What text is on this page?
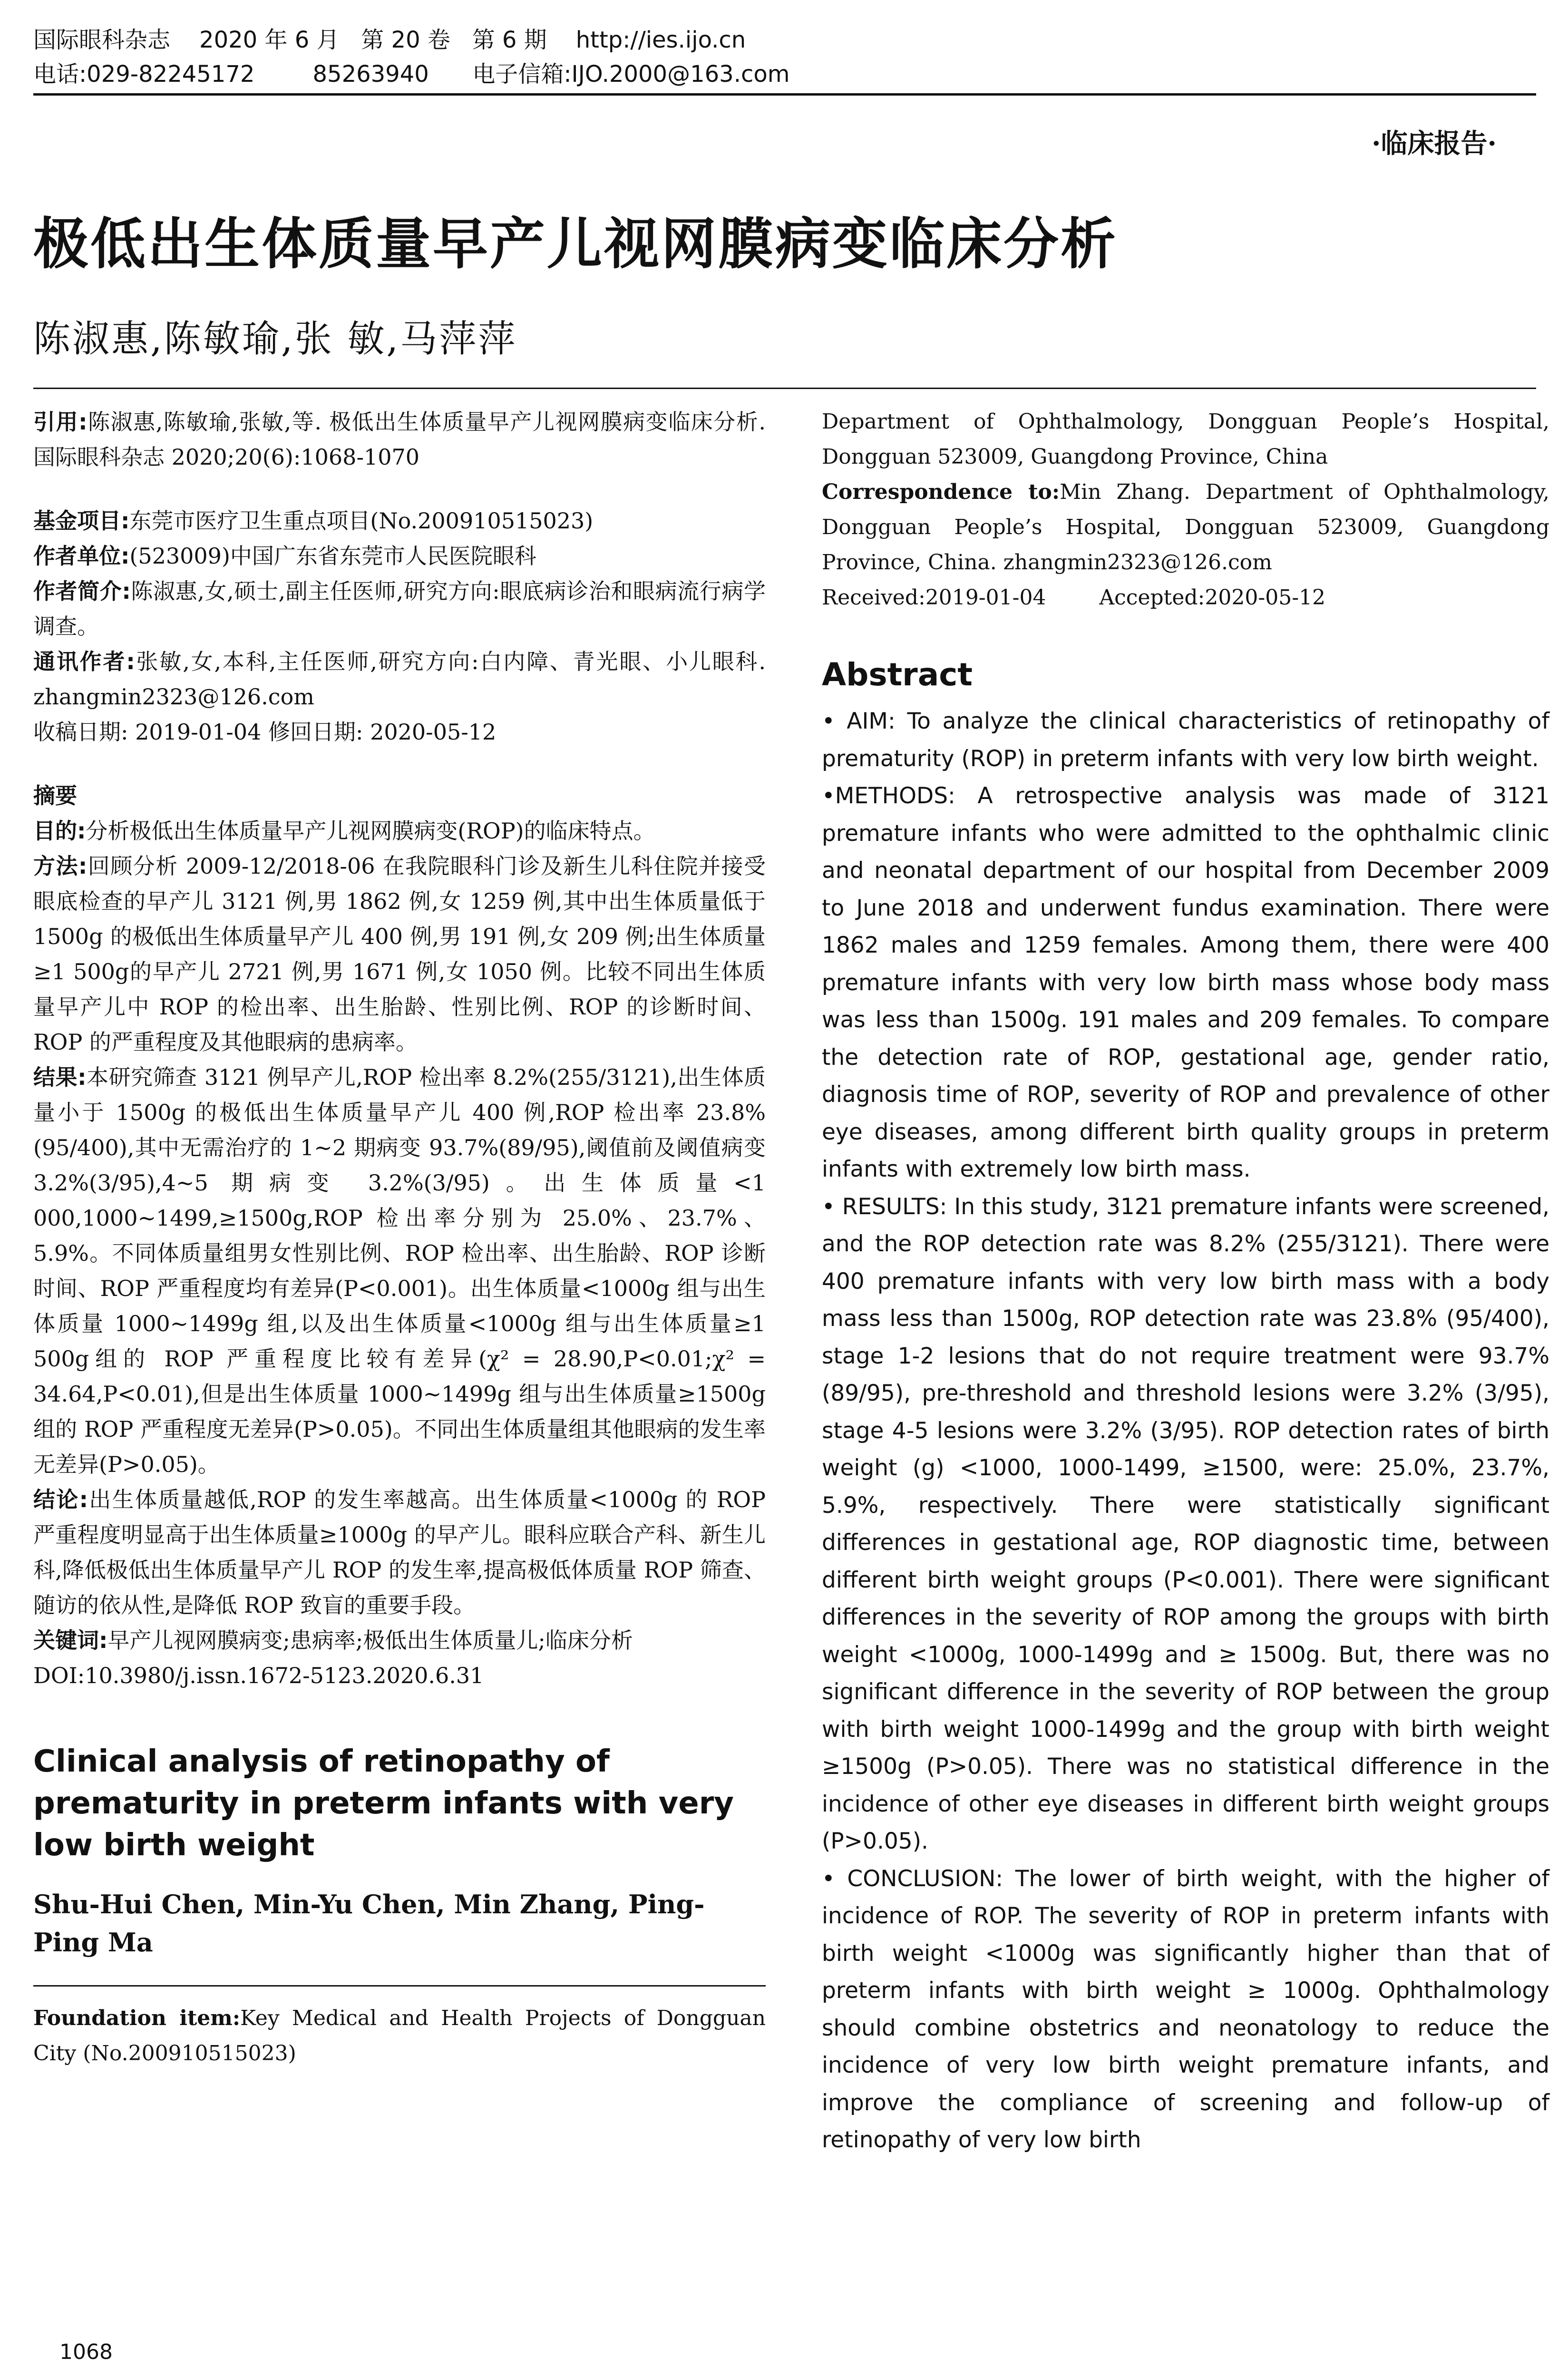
国际眼科杂志    2020 年 6 月   第 20 卷   第 6 期    http://ies.ijo.cn
电话:029-82245172        85263940      电子信箱:IJO.2000@163.com
·临床报告·
极低出生体质量早产儿视网膜病变临床分析
陈淑惠,陈敏瑜,张 敏,马萍萍

引用:陈淑惠,陈敏瑜,张敏,等. 极低出生体质量早产儿视网膜病变临床分析. 国际眼科杂志 2020;20(6):1068-1070

基金项目:东莞市医疗卫生重点项目(No.200910515023)

作者单位:(523009)中国广东省东莞市人民医院眼科

作者简介:陈淑惠,女,硕士,副主任医师,研究方向:眼底病诊治和眼病流行病学调查。

通讯作者:张敏,女,本科,主任医师,研究方向:白内障、青光眼、小儿眼科. zhangmin2323@126.com

收稿日期: 2019-01-04 修回日期: 2020-05-12

摘要

目的:分析极低出生体质量早产儿视网膜病变(ROP)的临床特点。

方法:回顾分析 2009-12/2018-06 在我院眼科门诊及新生儿科住院并接受眼底检查的早产儿 3121 例,男 1862 例,女 1259 例,其中出生体质量低于 1500g 的极低出生体质量早产儿 400 例,男 191 例,女 209 例;出生体质量≥1 500g的早产儿 2721 例,男 1671 例,女 1050 例。比较不同出生体质量早产儿中 ROP 的检出率、出生胎龄、性别比例、ROP 的诊断时间、ROP 的严重程度及其他眼病的患病率。

结果:本研究筛查 3121 例早产儿,ROP 检出率 8.2%(255/3121),出生体质量小于 1500g 的极低出生体质量早产儿 400 例,ROP 检出率 23.8%(95/400),其中无需治疗的 1~2 期病变 93.7%(89/95),阈值前及阈值病变 3.2%(3/95),4~5 期病变 3.2%(3/95)。出生体质量<1 000,1000~1499,≥1500g,ROP 检出率分别为 25.0%、23.7%、5.9%。不同体质量组男女性别比例、ROP 检出率、出生胎龄、ROP 诊断时间、ROP 严重程度均有差异(P<0.001)。出生体质量<1000g 组与出生体质量 1000~1499g 组,以及出生体质量<1000g 组与出生体质量≥1 500g组的 ROP 严重程度比较有差异(χ² = 28.90,P<0.01;χ² = 34.64,P<0.01),但是出生体质量 1000~1499g 组与出生体质量≥1500g 组的 ROP 严重程度无差异(P>0.05)。不同出生体质量组其他眼病的发生率无差异(P>0.05)。

结论:出生体质量越低,ROP 的发生率越高。出生体质量<1000g 的 ROP 严重程度明显高于出生体质量≥1000g 的早产儿。眼科应联合产科、新生儿科,降低极低出生体质量早产儿 ROP 的发生率,提高极低体质量 ROP 筛查、随访的依从性,是降低 ROP 致盲的重要手段。

关键词:早产儿视网膜病变;患病率;极低出生体质量儿;临床分析

DOI:10.3980/j.issn.1672-5123.2020.6.31

Clinical analysis of retinopathy of prematurity in preterm infants with very low birth weight
Shu-Hui Chen, Min-Yu Chen, Min Zhang, Ping-Ping Ma

Foundation item:Key Medical and Health Projects of Dongguan City (No.200910515023)

Department of Ophthalmology, Dongguan People’s Hospital, Dongguan 523009, Guangdong Province, China

Correspondence to:Min Zhang. Department of Ophthalmology, Dongguan People’s Hospital, Dongguan 523009, Guangdong Province, China. zhangmin2323@126.com

Received:2019-01-04        Accepted:2020-05-12

Abstract

• AIM: To analyze the clinical characteristics of retinopathy of prematurity (ROP) in preterm infants with very low birth weight.

•METHODS: A retrospective analysis was made of 3121 premature infants who were admitted to the ophthalmic clinic and neonatal department of our hospital from December 2009 to June 2018 and underwent fundus examination. There were 1862 males and 1259 females. Among them, there were 400 premature infants with very low birth mass whose body mass was less than 1500g. 191 males and 209 females. To compare the detection rate of ROP, gestational age, gender ratio, diagnosis time of ROP, severity of ROP and prevalence of other eye diseases, among different birth quality groups in preterm infants with extremely low birth mass.

• RESULTS: In this study, 3121 premature infants were screened, and the ROP detection rate was 8.2% (255/3121). There were 400 premature infants with very low birth mass with a body mass less than 1500g, ROP detection rate was 23.8% (95/400), stage 1-2 lesions that do not require treatment were 93.7% (89/95), pre-threshold and threshold lesions were 3.2% (3/95), stage 4-5 lesions were 3.2% (3/95). ROP detection rates of birth weight (g) <1000, 1000-1499, ≥1500, were: 25.0%, 23.7%, 5.9%, respectively. There were statistically significant differences in gestational age, ROP diagnostic time, between different birth weight groups (P<0.001). There were significant differences in the severity of ROP among the groups with birth weight <1000g, 1000-1499g and ≥ 1500g. But, there was no significant difference in the severity of ROP between the group with birth weight 1000-1499g and the group with birth weight ≥1500g (P>0.05). There was no statistical difference in the incidence of other eye diseases in different birth weight groups (P>0.05).

• CONCLUSION: The lower of birth weight, with the higher of incidence of ROP. The severity of ROP in preterm infants with birth weight <1000g was significantly higher than that of preterm infants with birth weight ≥ 1000g. Ophthalmology should combine obstetrics and neonatology to reduce the incidence of very low birth weight premature infants, and improve the compliance of screening and follow-up of retinopathy of very low birth

1068
